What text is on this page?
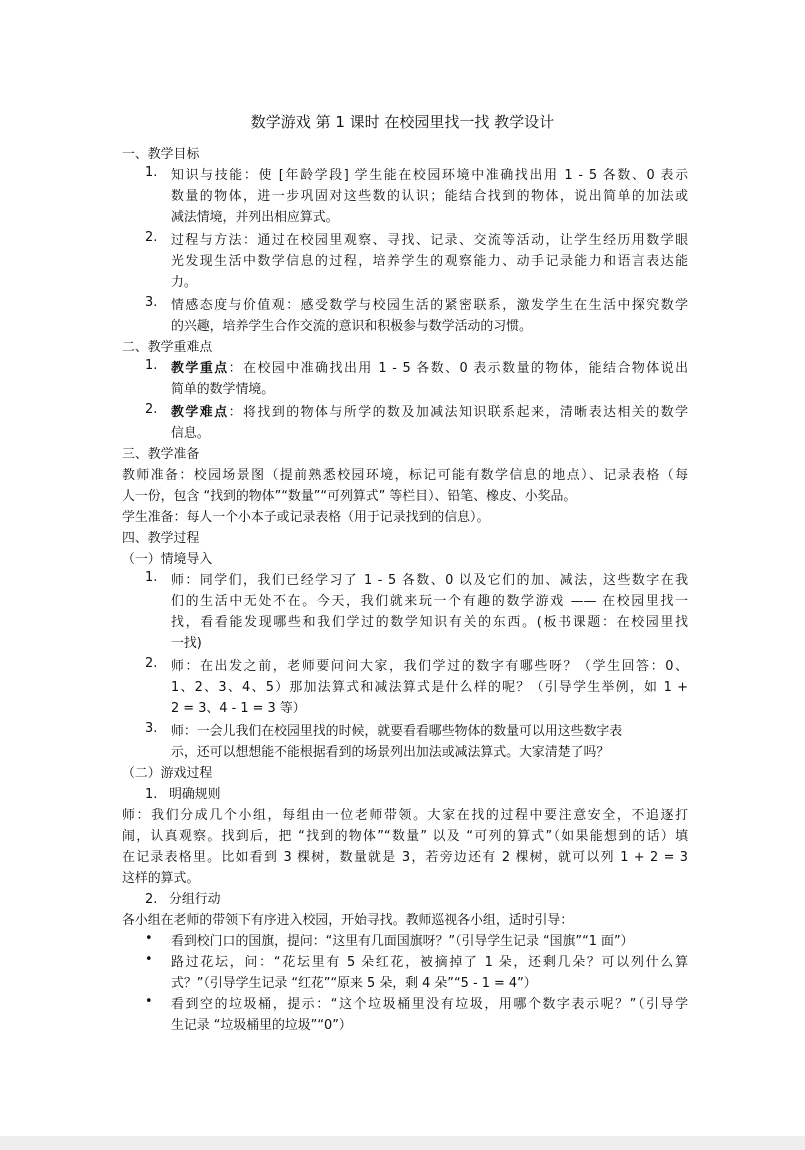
数学游戏 第 1 课时 在校园里找一找 教学设计
一、教学目标
1.	知识与技能：使 [年龄学段] 学生能在校园环境中准确找出用 1 - 5 各数、0 表示
数量的物体，进一步巩固对这些数的认识；能结合找到的物体，说出简单的加法或
减法情境，并列出相应算式。
2.	过程与方法：通过在校园里观察、寻找、记录、交流等活动，让学生经历用数学眼
光发现生活中数学信息的过程，培养学生的观察能力、动手记录能力和语言表达能
力。
3.	情感态度与价值观：感受数学与校园生活的紧密联系，激发学生在生活中探究数学
的兴趣，培养学生合作交流的意识和积极参与数学活动的习惯。
二、教学重难点
1.	教学重点：在校园中准确找出用 1 - 5 各数、0 表示数量的物体，能结合物体说出
简单的数学情境。
2.	教学难点：将找到的物体与所学的数及加减法知识联系起来，清晰表达相关的数学
信息。
三、教学准备
教师准备：校园场景图（提前熟悉校园环境，标记可能有数学信息的地点）、记录表格（每
人一份，包含 “找到的物体”“数量”“可列算式” 等栏目）、铅笔、橡皮、小奖品。
学生准备：每人一个小本子或记录表格（用于记录找到的信息）。
四、教学过程
（一）情境导入
1.	师：同学们，我们已经学习了 1 - 5 各数、0 以及它们的加、减法，这些数字在我
们的生活中无处不在。今天，我们就来玩一个有趣的数学游戏 —— 在校园里找一
找，看看能发现哪些和我们学过的数学知识有关的东西。(板书课题：在校园里找
一找)
2.	师：在出发之前，老师要问问大家，我们学过的数字有哪些呀？（学生回答：0、
1、2、3、4、5）那加法算式和减法算式是什么样的呢？（引导学生举例，如 1 +
2 = 3、4 - 1 = 3 等）
3.	师：一会儿我们在校园里找的时候，就要看看哪些物体的数量可以用这些数字表
示，还可以想想能不能根据看到的场景列出加法或减法算式。大家清楚了吗？
（二）游戏过程
1. 明确规则
师：我们分成几个小组，每组由一位老师带领。大家在找的过程中要注意安全，不追逐打
闹，认真观察。找到后，把 “找到的物体”“数量” 以及 “可列的算式”（如果能想到的话）填
在记录表格里。比如看到 3 棵树，数量就是 3，若旁边还有 2 棵树，就可以列 1 + 2 = 3
这样的算式。
2. 分组行动
各小组在老师的带领下有序进入校园，开始寻找。教师巡视各小组，适时引导：
•	看到校门口的国旗，提问：“这里有几面国旗呀？”（引导学生记录 “国旗”“1 面”）
•	路过花坛，问：“花坛里有 5 朵红花，被摘掉了 1 朵，还剩几朵？可以列什么算
式？”（引导学生记录 “红花”“原来 5 朵，剩 4 朵”“5 - 1 = 4”）
•	看到空的垃圾桶，提示：“这个垃圾桶里没有垃圾，用哪个数字表示呢？”（引导学
生记录 “垃圾桶里的垃圾”“0”）
